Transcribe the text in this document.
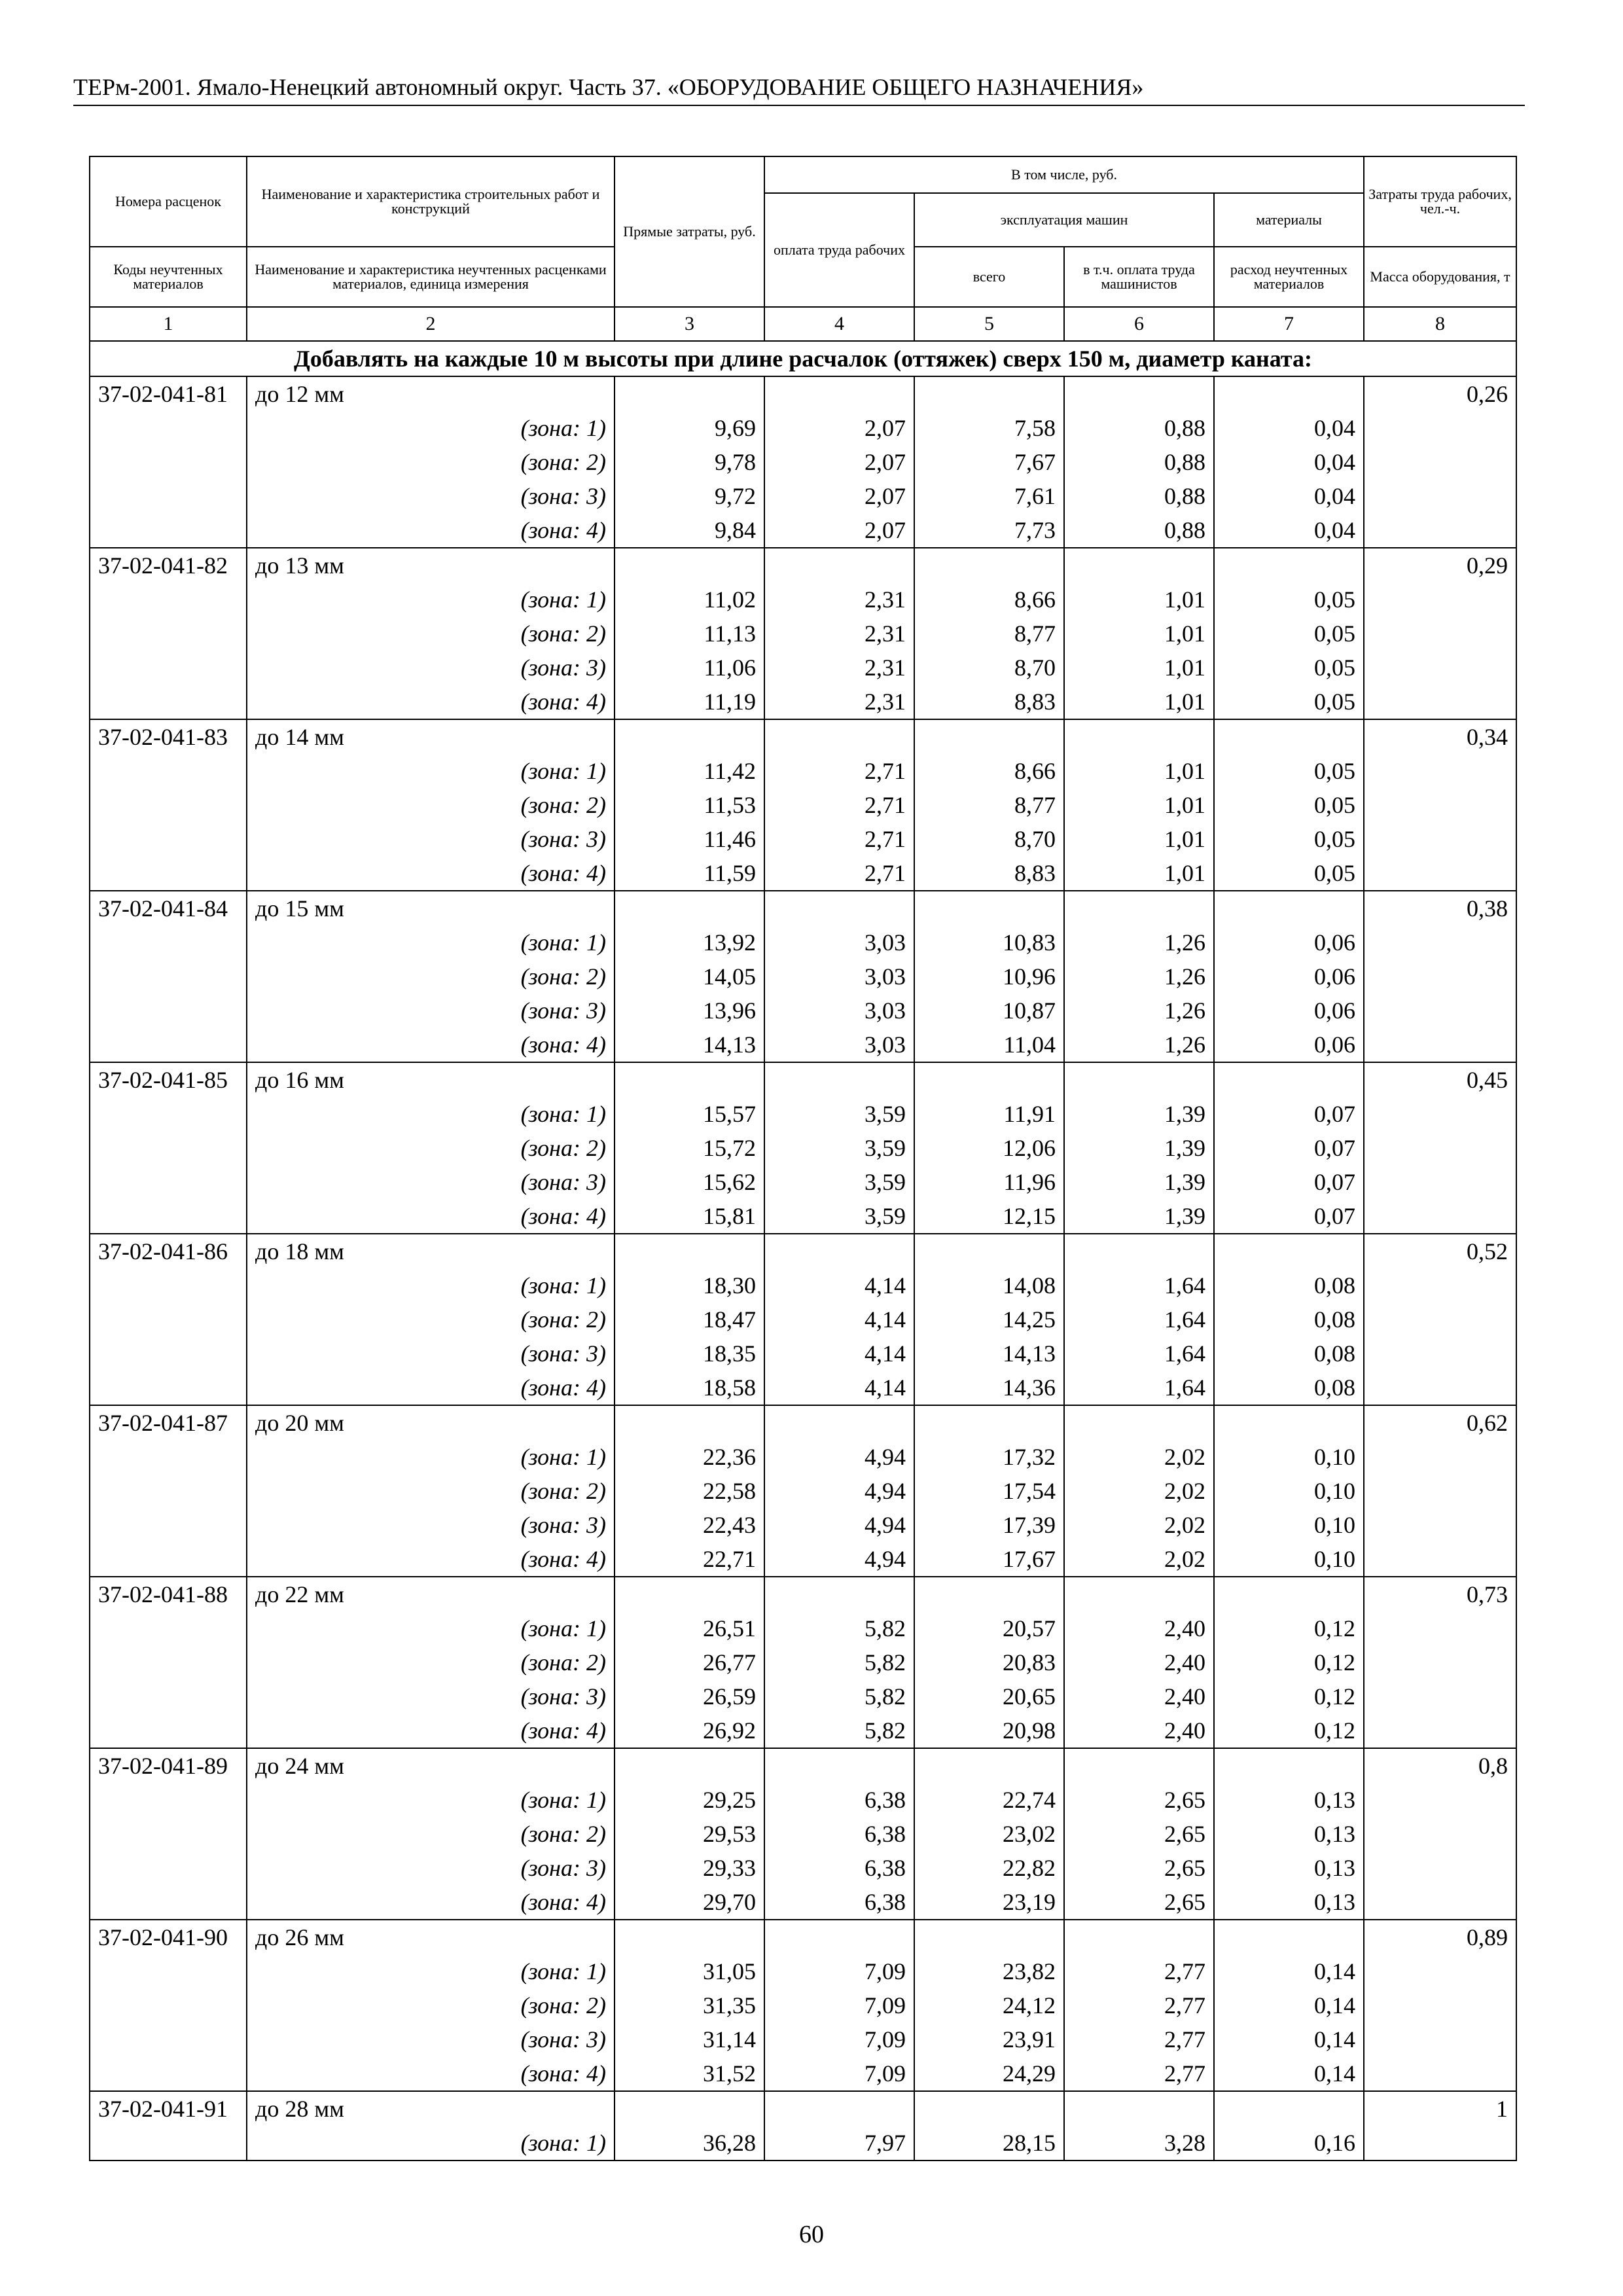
ТЕРм-2001. Ямало-Ненецкий автономный округ. Часть 37. «ОБОРУДОВАНИЕ ОБЩЕГО НАЗНАЧЕНИЯ»
Номера расценок	Наименование и характеристика строительных работ и конструкций	Прямые затраты, руб.	В том числе, руб.				Затраты труда рабочих, чел.-ч.
			оплата труда рабочих	эксплуатация машин		материалы	
Коды неучтенных материалов	Наименование и характеристика неучтенных расценками материалов, единица измерения			всего	в т.ч. оплата труда машинистов	расход неучтенных материалов	Масса оборудования, т
1	2	3	4	5	6	7	8
Добавлять на каждые 10 м высоты при длине расчалок (оттяжек) сверх 150 м, диаметр каната:							
37-02-041-81	до 12 мм						0,26
	(зона: 1)	9,69	2,07	7,58	0,88	0,04	
	(зона: 2)	9,78	2,07	7,67	0,88	0,04	
	(зона: 3)	9,72	2,07	7,61	0,88	0,04	
	(зона: 4)	9,84	2,07	7,73	0,88	0,04	
37-02-041-82	до 13 мм						0,29
	(зона: 1)	11,02	2,31	8,66	1,01	0,05	
	(зона: 2)	11,13	2,31	8,77	1,01	0,05	
	(зона: 3)	11,06	2,31	8,70	1,01	0,05	
	(зона: 4)	11,19	2,31	8,83	1,01	0,05	
37-02-041-83	до 14 мм						0,34
	(зона: 1)	11,42	2,71	8,66	1,01	0,05	
	(зона: 2)	11,53	2,71	8,77	1,01	0,05	
	(зона: 3)	11,46	2,71	8,70	1,01	0,05	
	(зона: 4)	11,59	2,71	8,83	1,01	0,05	
37-02-041-84	до 15 мм						0,38
	(зона: 1)	13,92	3,03	10,83	1,26	0,06	
	(зона: 2)	14,05	3,03	10,96	1,26	0,06	
	(зона: 3)	13,96	3,03	10,87	1,26	0,06	
	(зона: 4)	14,13	3,03	11,04	1,26	0,06	
37-02-041-85	до 16 мм						0,45
	(зона: 1)	15,57	3,59	11,91	1,39	0,07	
	(зона: 2)	15,72	3,59	12,06	1,39	0,07	
	(зона: 3)	15,62	3,59	11,96	1,39	0,07	
	(зона: 4)	15,81	3,59	12,15	1,39	0,07	
37-02-041-86	до 18 мм						0,52
	(зона: 1)	18,30	4,14	14,08	1,64	0,08	
	(зона: 2)	18,47	4,14	14,25	1,64	0,08	
	(зона: 3)	18,35	4,14	14,13	1,64	0,08	
	(зона: 4)	18,58	4,14	14,36	1,64	0,08	
37-02-041-87	до 20 мм						0,62
	(зона: 1)	22,36	4,94	17,32	2,02	0,10	
	(зона: 2)	22,58	4,94	17,54	2,02	0,10	
	(зона: 3)	22,43	4,94	17,39	2,02	0,10	
	(зона: 4)	22,71	4,94	17,67	2,02	0,10	
37-02-041-88	до 22 мм						0,73
	(зона: 1)	26,51	5,82	20,57	2,40	0,12	
	(зона: 2)	26,77	5,82	20,83	2,40	0,12	
	(зона: 3)	26,59	5,82	20,65	2,40	0,12	
	(зона: 4)	26,92	5,82	20,98	2,40	0,12	
37-02-041-89	до 24 мм						0,8
	(зона: 1)	29,25	6,38	22,74	2,65	0,13	
	(зона: 2)	29,53	6,38	23,02	2,65	0,13	
	(зона: 3)	29,33	6,38	22,82	2,65	0,13	
	(зона: 4)	29,70	6,38	23,19	2,65	0,13	
37-02-041-90	до 26 мм						0,89
	(зона: 1)	31,05	7,09	23,82	2,77	0,14	
	(зона: 2)	31,35	7,09	24,12	2,77	0,14	
	(зона: 3)	31,14	7,09	23,91	2,77	0,14	
	(зона: 4)	31,52	7,09	24,29	2,77	0,14	
37-02-041-91	до 28 мм						1
	(зона: 1)	36,28	7,97	28,15	3,28	0,16	
60
